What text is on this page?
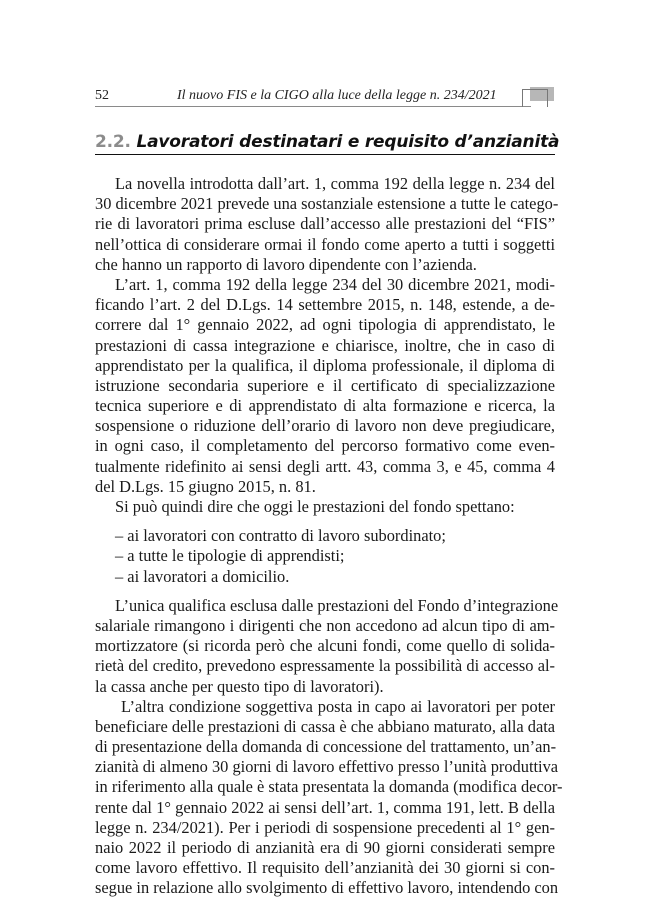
52	Il nuovo FIS e la CIGO alla luce della legge n. 234/2021
2.2. Lavoratori destinatari e requisito d’anzianità
La novella introdotta dall’art. 1, comma 192 della legge n. 234 del
30 dicembre 2021 prevede una sostanziale estensione a tutte le catego-
rie di lavoratori prima escluse dall’accesso alle prestazioni del “FIS”
nell’ottica di considerare ormai il fondo come aperto a tutti i soggetti
che hanno un rapporto di lavoro dipendente con l’azienda.
L’art. 1, comma 192 della legge 234 del 30 dicembre 2021, modi-
ficando l’art. 2 del D.Lgs. 14 settembre 2015, n. 148, estende, a de-
correre dal 1° gennaio 2022, ad ogni tipologia di apprendistato, le
prestazioni di cassa integrazione e chiarisce, inoltre, che in caso di
apprendistato per la qualifica, il diploma professionale, il diploma di
istruzione secondaria superiore e il certificato di specializzazione
tecnica superiore e di apprendistato di alta formazione e ricerca, la
sospensione o riduzione dell’orario di lavoro non deve pregiudicare,
in ogni caso, il completamento del percorso formativo come even-
tualmente ridefinito ai sensi degli artt. 43, comma 3, e 45, comma 4
del D.Lgs. 15 giugno 2015, n. 81.
Si può quindi dire che oggi le prestazioni del fondo spettano:
– ai lavoratori con contratto di lavoro subordinato;
– a tutte le tipologie di apprendisti;
– ai lavoratori a domicilio.
L’unica qualifica esclusa dalle prestazioni del Fondo d’integrazione
salariale rimangono i dirigenti che non accedono ad alcun tipo di am-
mortizzatore (si ricorda però che alcuni fondi, come quello di solida-
rietà del credito, prevedono espressamente la possibilità di accesso al-
la cassa anche per questo tipo di lavoratori).
L’altra condizione soggettiva posta in capo ai lavoratori per poter
beneficiare delle prestazioni di cassa è che abbiano maturato, alla data
di presentazione della domanda di concessione del trattamento, un’an-
zianità di almeno 30 giorni di lavoro effettivo presso l’unità produttiva
in riferimento alla quale è stata presentata la domanda (modifica decor-
rente dal 1° gennaio 2022 ai sensi dell’art. 1, comma 191, lett. B della
legge n. 234/2021). Per i periodi di sospensione precedenti al 1° gen-
naio 2022 il periodo di anzianità era di 90 giorni considerati sempre
come lavoro effettivo. Il requisito dell’anzianità dei 30 giorni si con-
segue in relazione allo svolgimento di effettivo lavoro, intendendo con
